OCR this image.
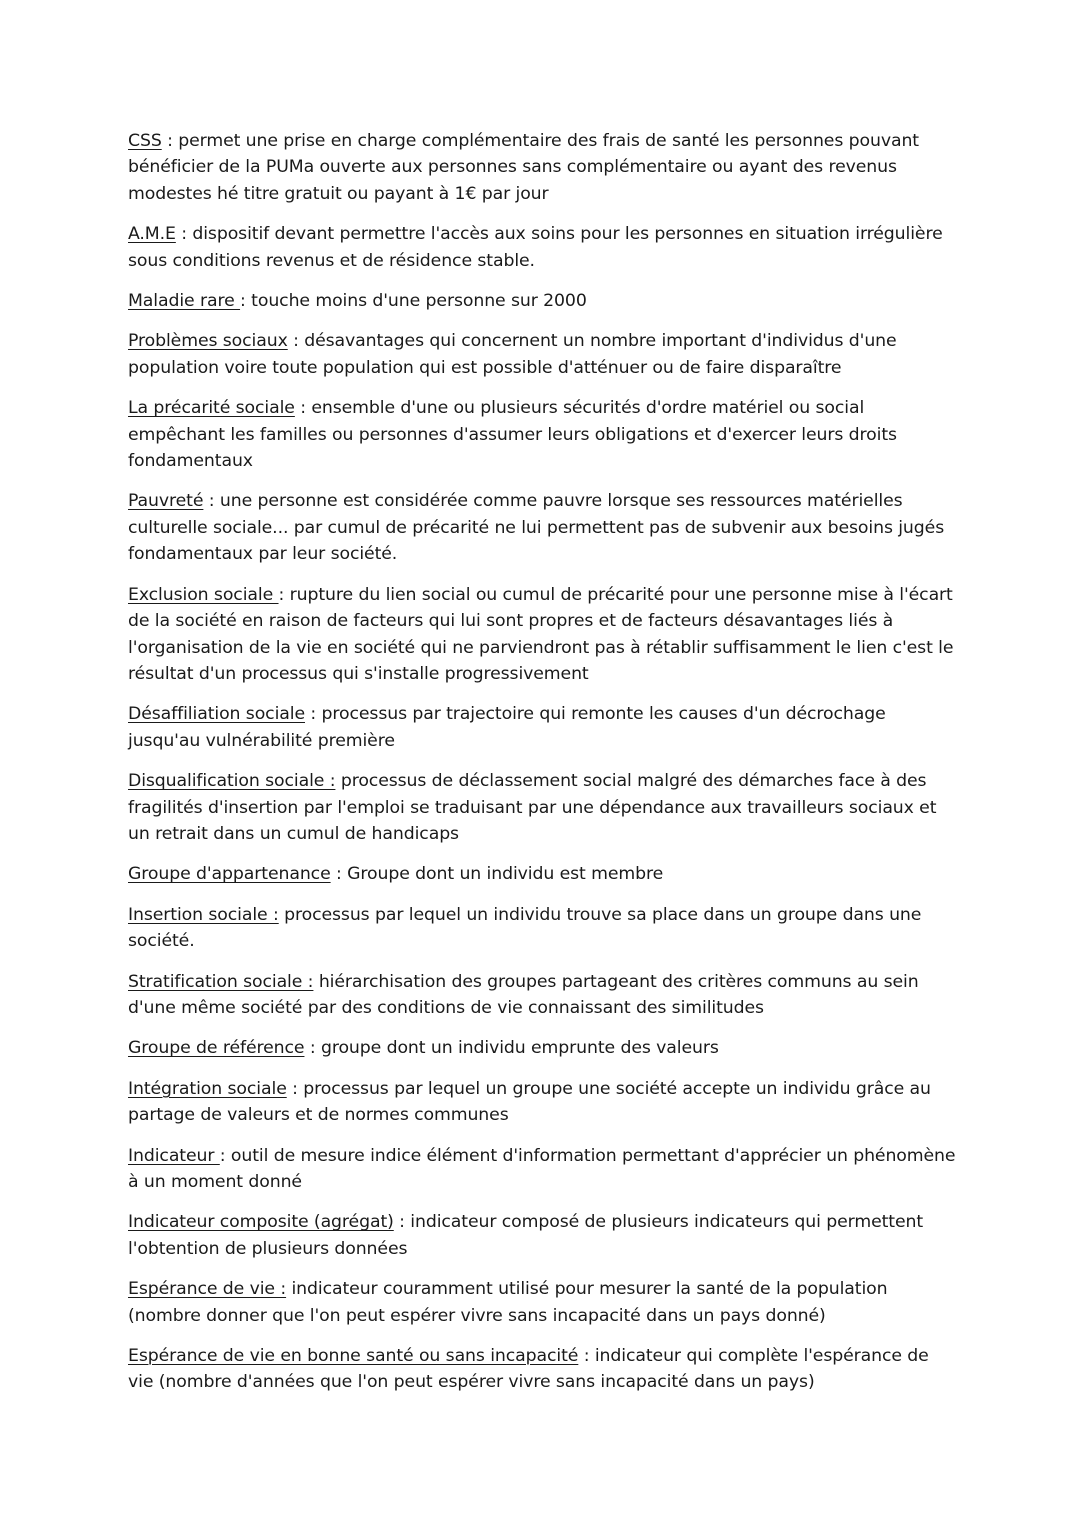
CSS : permet une prise en charge complémentaire des frais de santé les personnes pouvant bénéficier de la PUMa ouverte aux personnes sans complémentaire ou ayant des revenus modestes hé titre gratuit ou payant à 1€ par jour

A.M.E : dispositif devant permettre l'accès aux soins pour les personnes en situation irrégulière sous conditions revenus et de résidence stable.

Maladie rare : touche moins d'une personne sur 2000

Problèmes sociaux : désavantages qui concernent un nombre important d'individus d'une population voire toute population qui est possible d'atténuer ou de faire disparaître

La précarité sociale : ensemble d'une ou plusieurs sécurités d'ordre matériel ou social empêchant les familles ou personnes d'assumer leurs obligations et d'exercer leurs droits fondamentaux

Pauvreté : une personne est considérée comme pauvre lorsque ses ressources matérielles culturelle sociale... par cumul de précarité ne lui permettent pas de subvenir aux besoins jugés fondamentaux par leur société.

Exclusion sociale : rupture du lien social ou cumul de précarité pour une personne mise à l'écart de la société en raison de facteurs qui lui sont propres et de facteurs désavantages liés à l'organisation de la vie en société qui ne parviendront pas à rétablir suffisamment le lien c'est le résultat d'un processus qui s'installe progressivement

Désaffiliation sociale : processus par trajectoire qui remonte les causes d'un décrochage jusqu'au vulnérabilité première

Disqualification sociale : processus de déclassement social malgré des démarches face à des fragilités d'insertion par l'emploi se traduisant par une dépendance aux travailleurs sociaux et un retrait dans un cumul de handicaps

Groupe d'appartenance : Groupe dont un individu est membre

Insertion sociale : processus par lequel un individu trouve sa place dans un groupe dans une société.

Stratification sociale : hiérarchisation des groupes partageant des critères communs au sein d'une même société par des conditions de vie connaissant des similitudes

Groupe de référence : groupe dont un individu emprunte des valeurs

Intégration sociale : processus par lequel un groupe une société accepte un individu grâce au partage de valeurs et de normes communes

Indicateur : outil de mesure indice élément d'information permettant d'apprécier un phénomène à un moment donné

Indicateur composite (agrégat) : indicateur composé de plusieurs indicateurs qui permettent l'obtention de plusieurs données

Espérance de vie : indicateur couramment utilisé pour mesurer la santé de la population (nombre donner que l'on peut espérer vivre sans incapacité dans un pays donné)

Espérance de vie en bonne santé ou sans incapacité : indicateur qui complète l'espérance de vie (nombre d'années que l'on peut espérer vivre sans incapacité dans un pays)
